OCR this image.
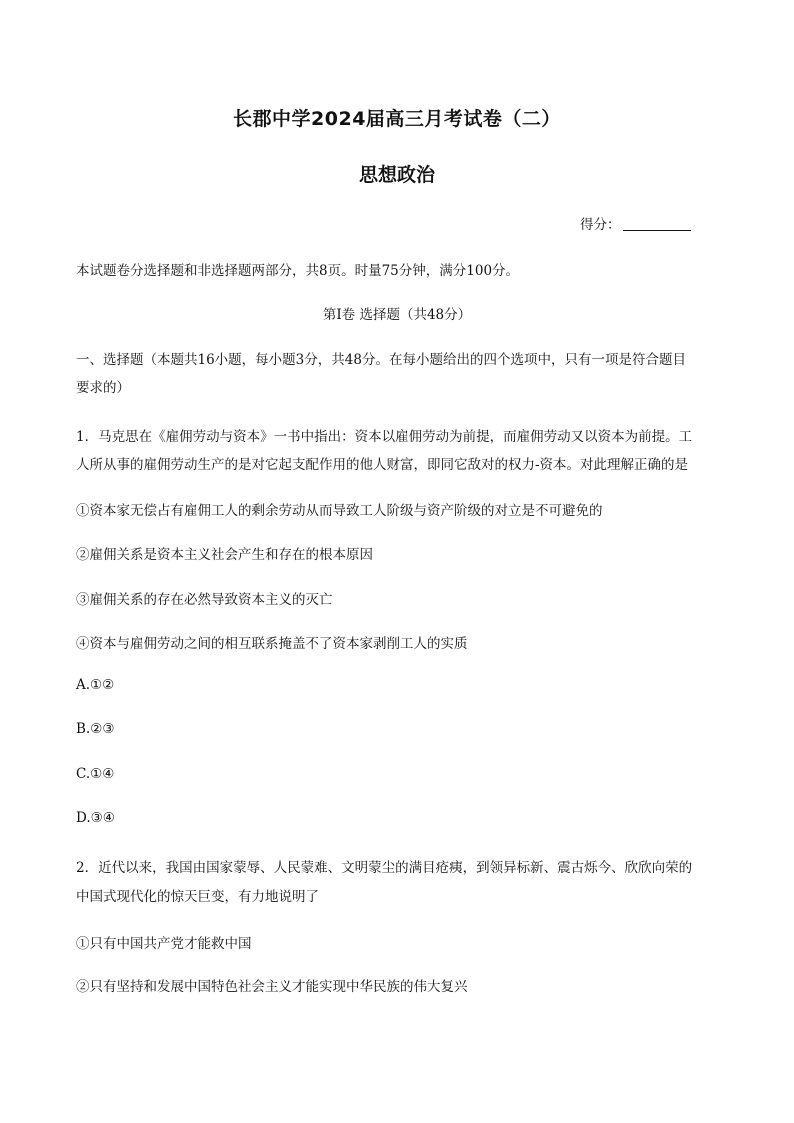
长郡中学2024届高三月考试卷（二）
思想政治
得分：
本试题卷分选择题和非选择题两部分，共8页。时量75分钟，满分100分。
第Ⅰ卷 选择题（共48分）
一、选择题（本题共16小题，每小题3分，共48分。在每小题给出的四个选项中，只有一项是符合题目
要求的）
1．马克思在《雇佣劳动与资本》一书中指出：资本以雇佣劳动为前提，而雇佣劳动又以资本为前提。工
人所从事的雇佣劳动生产的是对它起支配作用的他人财富，即同它敌对的权力-资本。对此理解正确的是
①资本家无偿占有雇佣工人的剩余劳动从而导致工人阶级与资产阶级的对立是不可避免的
②雇佣关系是资本主义社会产生和存在的根本原因
③雇佣关系的存在必然导致资本主义的灭亡
④资本与雇佣劳动之间的相互联系掩盖不了资本家剥削工人的实质
A.①②
B.②③
C.①④
D.③④
2．近代以来，我国由国家蒙辱、人民蒙难、文明蒙尘的满目疮痍，到领异标新、震古烁今、欣欣向荣的
中国式现代化的惊天巨变，有力地说明了
①只有中国共产党才能救中国
②只有坚持和发展中国特色社会主义才能实现中华民族的伟大复兴
